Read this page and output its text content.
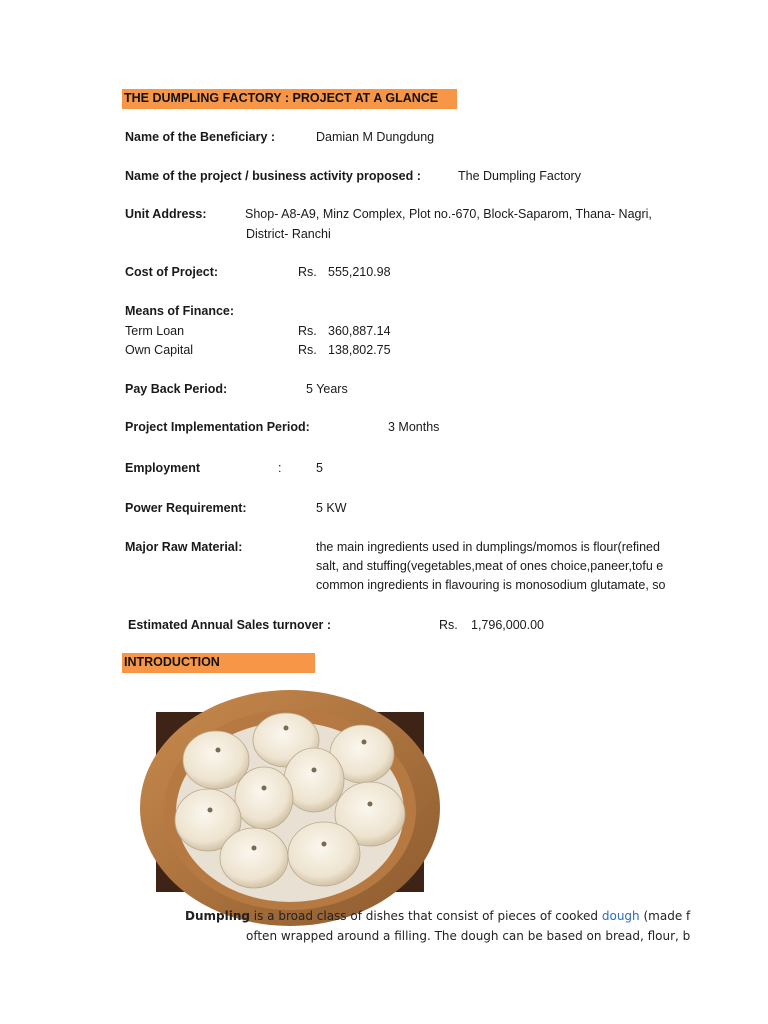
THE DUMPLING FACTORY : PROJECT AT A GLANCE
Name of the Beneficiary :	Damian M Dungdung
Name of the project / business activity proposed :	The Dumpling Factory
Unit Address:	Shop- A8-A9, Minz Complex, Plot no.-670, Block-Saparom, Thana- Nagri,
District- Ranchi
Cost of Project:	Rs. 555,210.98
Means of Finance:
Term Loan	Rs. 360,887.14
Own Capital	Rs. 138,802.75
Pay Back Period:	5 Years
Project Implementation Period:	3 Months
Employment	:	5
Power Requirement:	5 KW
Major Raw Material:	the main ingredients used in dumplings/momos is flour(refined
salt, and stuffing(vegetables,meat of ones choice,paneer,tofu e
common ingredients in flavouring is monosodium glutamate, so
Estimated Annual Sales turnover :	Rs. 1,796,000.00
INTRODUCTION
Dumpling is a broad class of dishes that consist of pieces of cooked dough (made f
often wrapped around a filling. The dough can be based on bread, flour, b
